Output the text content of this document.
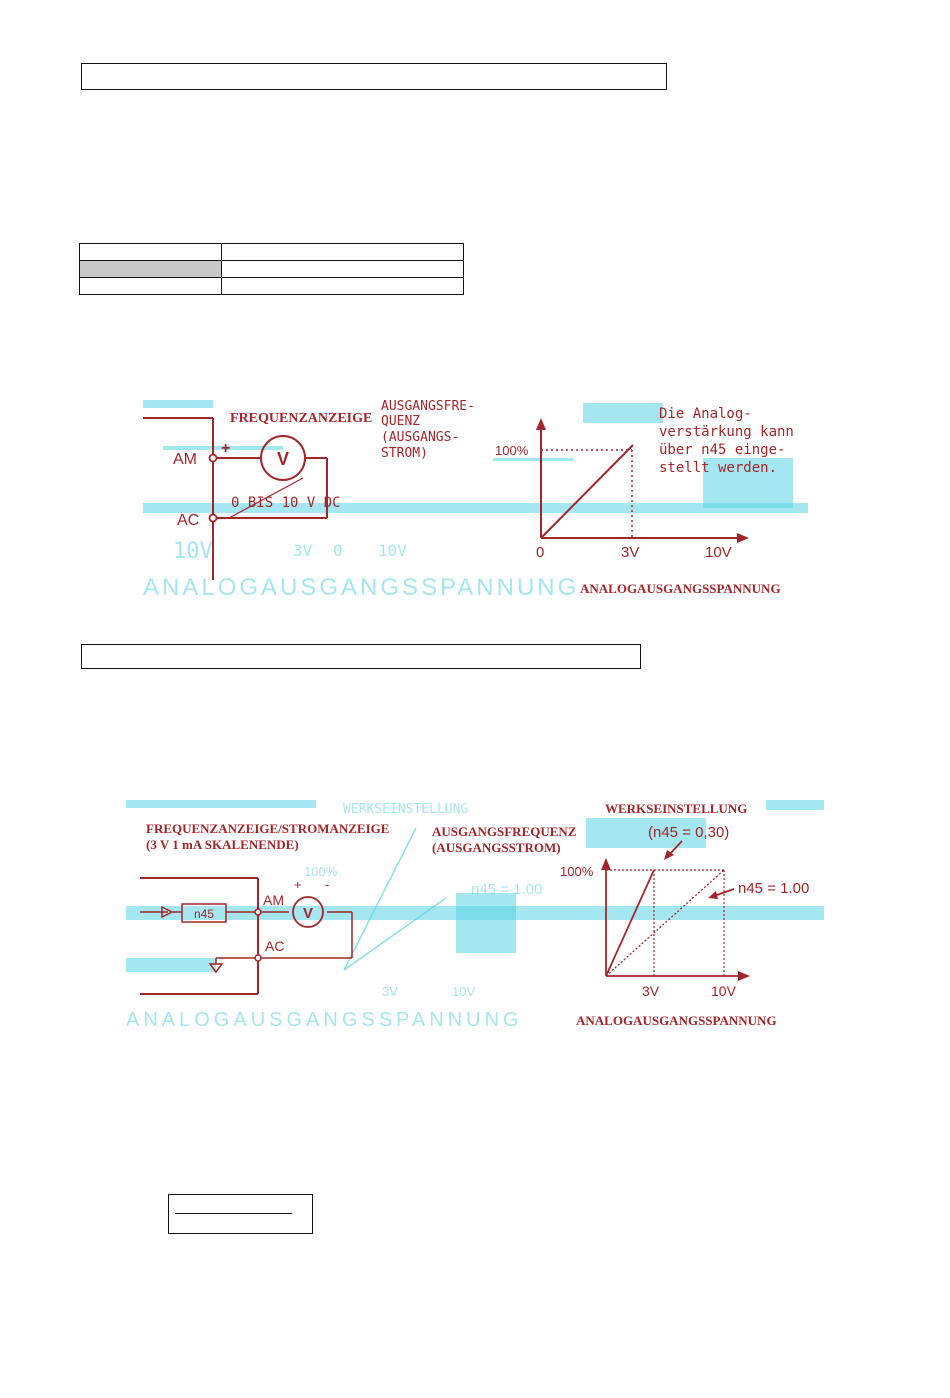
10V	3V 0 10V
ANALOGAUSGANGSSPANNUNG
V
+
AM
AC
FREQUENZANZEIGE
0 BIS 10 V DC
AUSGANGSFRE-
QUENZ
(AUSGANGS-
STROM)	100%
0	3V	10V
Die Analog-
verstärkung kann
über n45 einge-
stellt werden.
ANALOGAUSGANGSSPANNUNG
WERKSEINSTELLUNG
100%
n45 = 1.00
3V	10V
ANALOGAUSGANGSSPANNUNG
WERKSEINSTELLUNG
FREQUENZANZEIGE/STROMANZEIGE
(3 V 1 mA SKALENENDE)
AUSGANGSFREQUENZ
(AUSGANGSSTROM)
n45	V
+ -
AM
AC
100%
3V	10V
(n45 = 0,30)
n45 = 1.00
ANALOGAUSGANGSSPANNUNG
